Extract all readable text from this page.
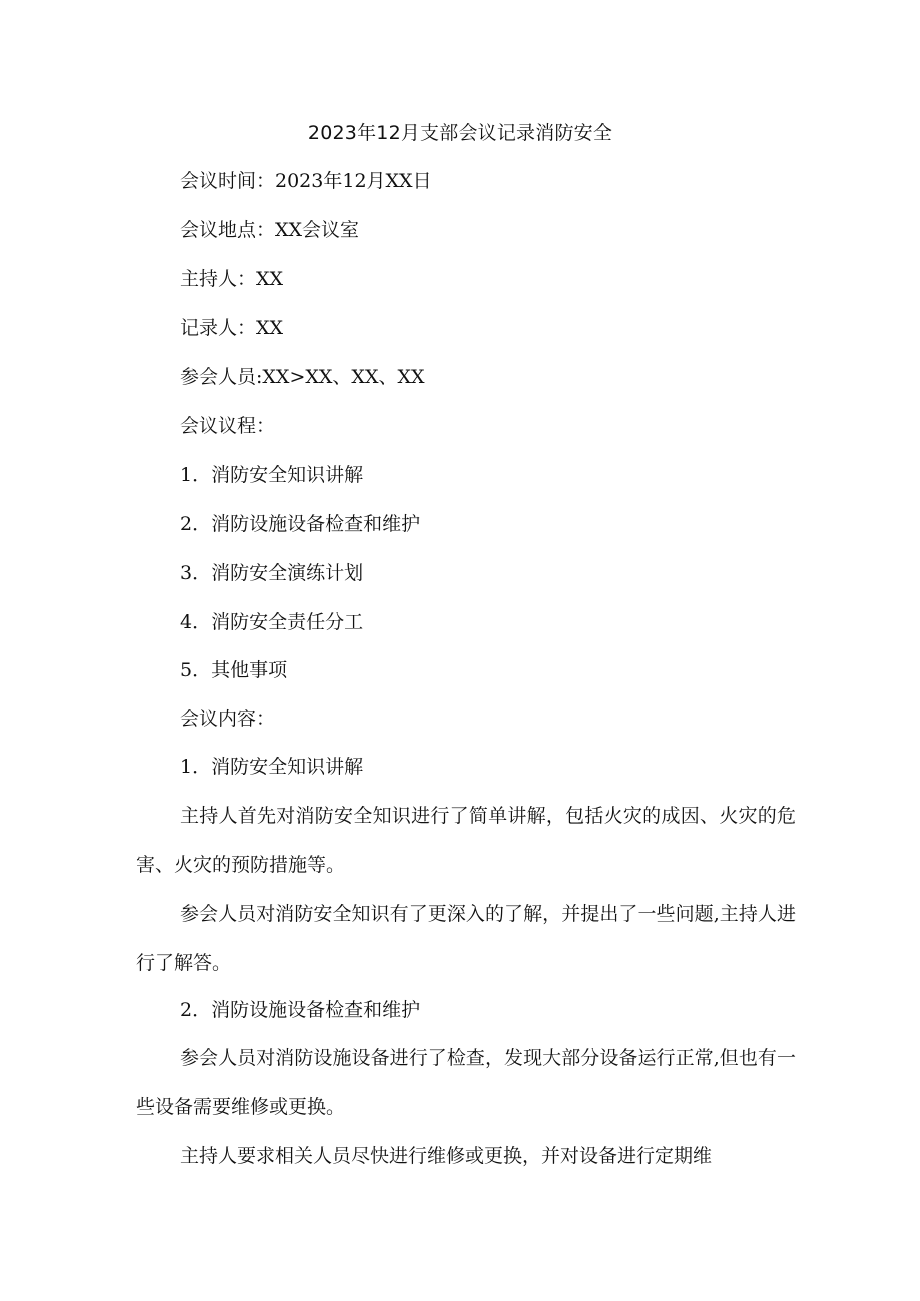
2023年12月支部会议记录消防安全
会议时间：2023年12月XX日
会议地点：XX会议室
主持人：XX
记录人：XX
参会人员:XX>XX、XX、XX
会议议程：
1．消防安全知识讲解
2．消防设施设备检查和维护
3．消防安全演练计划
4．消防安全责任分工
5．其他事项
会议内容：
1．消防安全知识讲解
主持人首先对消防安全知识进行了简单讲解，包括火灾的成因、火灾的危害、火灾的预防措施等。
参会人员对消防安全知识有了更深入的了解，并提出了一些问题,主持人进行了解答。
2．消防设施设备检查和维护
参会人员对消防设施设备进行了检查，发现大部分设备运行正常,但也有一些设备需要维修或更换。
主持人要求相关人员尽快进行维修或更换，并对设备进行定期维
